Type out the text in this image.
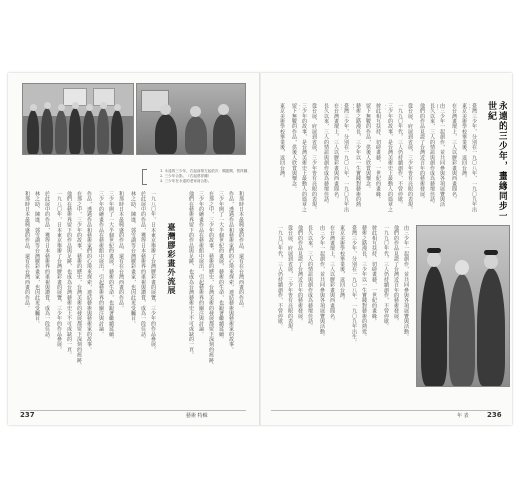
1. 永遠的三少年，右起前排左起依次：閻振興、蔡祥鍾、
2. 三少年合影。（右起蔡祥鍾）
3. 三少年在永遠的老家前合影。
和那時日本最興盛的作品、還有在台灣西畫的作品。
作品，透過作品和藝術家們的心境來探索，連結藝術與藝術家的故事。
三少年開了一大半個世紀的畫展，藝術的生命，也跟著繼續延續。
在那之中，三少年的故事，藝術的歷史，台灣美術的發展都留下深刻的痕跡。
三少年的繪畫作品在藝術館中展出，引起藝術界的關注與討論。
他們在藝術界留下的作品與足跡，也成為台灣藝術史上不可或缺的一頁。
臺灣膠彩畫外流展
一九八〇年，日本東京舉辦了台灣膠彩畫的展覽，三少年的作品參展。
於此展中的作品，獲得日本藝術界的重視與讚賞，成為一段佳話。
林之助、陳進、郭雪湖等台灣膠彩畫家，也因此更受矚目。
和那時日本最興盛的作品、還有在台灣西畫的作品。
三少年開了一大半個世紀的畫展，藝術的生命，也跟著繼續延續。
三少年的繪畫作品在藝術館中展出，引起藝術界的關注與討論。
作品，透過作品和藝術家們的心境來探索，連結藝術與藝術家的故事。
在那之中，三少年的故事，藝術的歷史，台灣美術的發展都留下深刻的痕跡。
他們在藝術界留下的作品與足跡，也成為台灣藝術史上不可或缺的一頁。
一九八〇年，日本東京舉辦了台灣膠彩畫的展覽，三少年的作品參展。
於此展中的作品，獲得日本藝術界的重視與讚賞，成為一段佳話。
林之助、陳進、郭雪湖等台灣膠彩畫家，也因此更受矚目。
和那時日本最興盛的作品、還有在台灣西畫的作品。
237	藝術 特輯
永遠的三少年，畫緣同步一世紀
臺灣三少年，分別在一九〇八年，一九〇九年出
東京美術學校畢業後，返回台灣。
在台灣畫壇上，三人以膠彩畫與西畫聞名。
由三少年一起創作，並共同參與各項展覽與活
長久以來，三人的情誼與創作成為藝壇佳話。
他們的作品見證了台灣近百年的藝術發展。
從台展、府展到省展，三少年皆有亮眼的表現。
一九九〇年代，三人仍持續創作，不曾停歇。
三少年的故事，是台灣美術史上最動人的篇章之
彼此相互扶持、切磋畫藝，一世紀的畫緣。
留下無數的作品，供後人欣賞與懷念。
藝術之路漫長，三少年以一生實踐對藝術的熱
臺灣三少年，分別在一九〇八年，一九〇九年出
在台灣畫壇上，三人以膠彩畫與西畫聞名。
長久以來，三人的情誼與創作成為藝壇佳話。
從台展、府展到省展，三少年皆有亮眼的表現。
三少年的故事，是台灣美術史上最動人的篇章之
留下無數的作品，供後人欣賞與懷念。
東京美術學校畢業後，返回台灣。
由三少年一起創作，並共同參與各項展覽與活動。
他們的作品見證了台灣近百年的藝術發展。
一九九〇年代，三人仍持續創作，不曾停歇。
彼此相互扶持、切磋畫藝，一世紀的畫緣。
藝術之路漫長，三少年以一生實踐對藝術的熱愛。
臺灣三少年，分別在一九〇八年，一九〇九年出生。
東京美術學校畢業後，返回台灣。
在台灣畫壇上，三人以膠彩畫與西畫聞名。
由三少年一起創作，並共同參與各項展覽與活動。
長久以來，三人的情誼與創作成為藝壇佳話。
他們的作品見證了台灣近百年的藝術發展。
從台展、府展到省展，三少年皆有亮眼的表現。
一九九〇年代，三人仍持續創作，不曾停歇。
年 表	236
